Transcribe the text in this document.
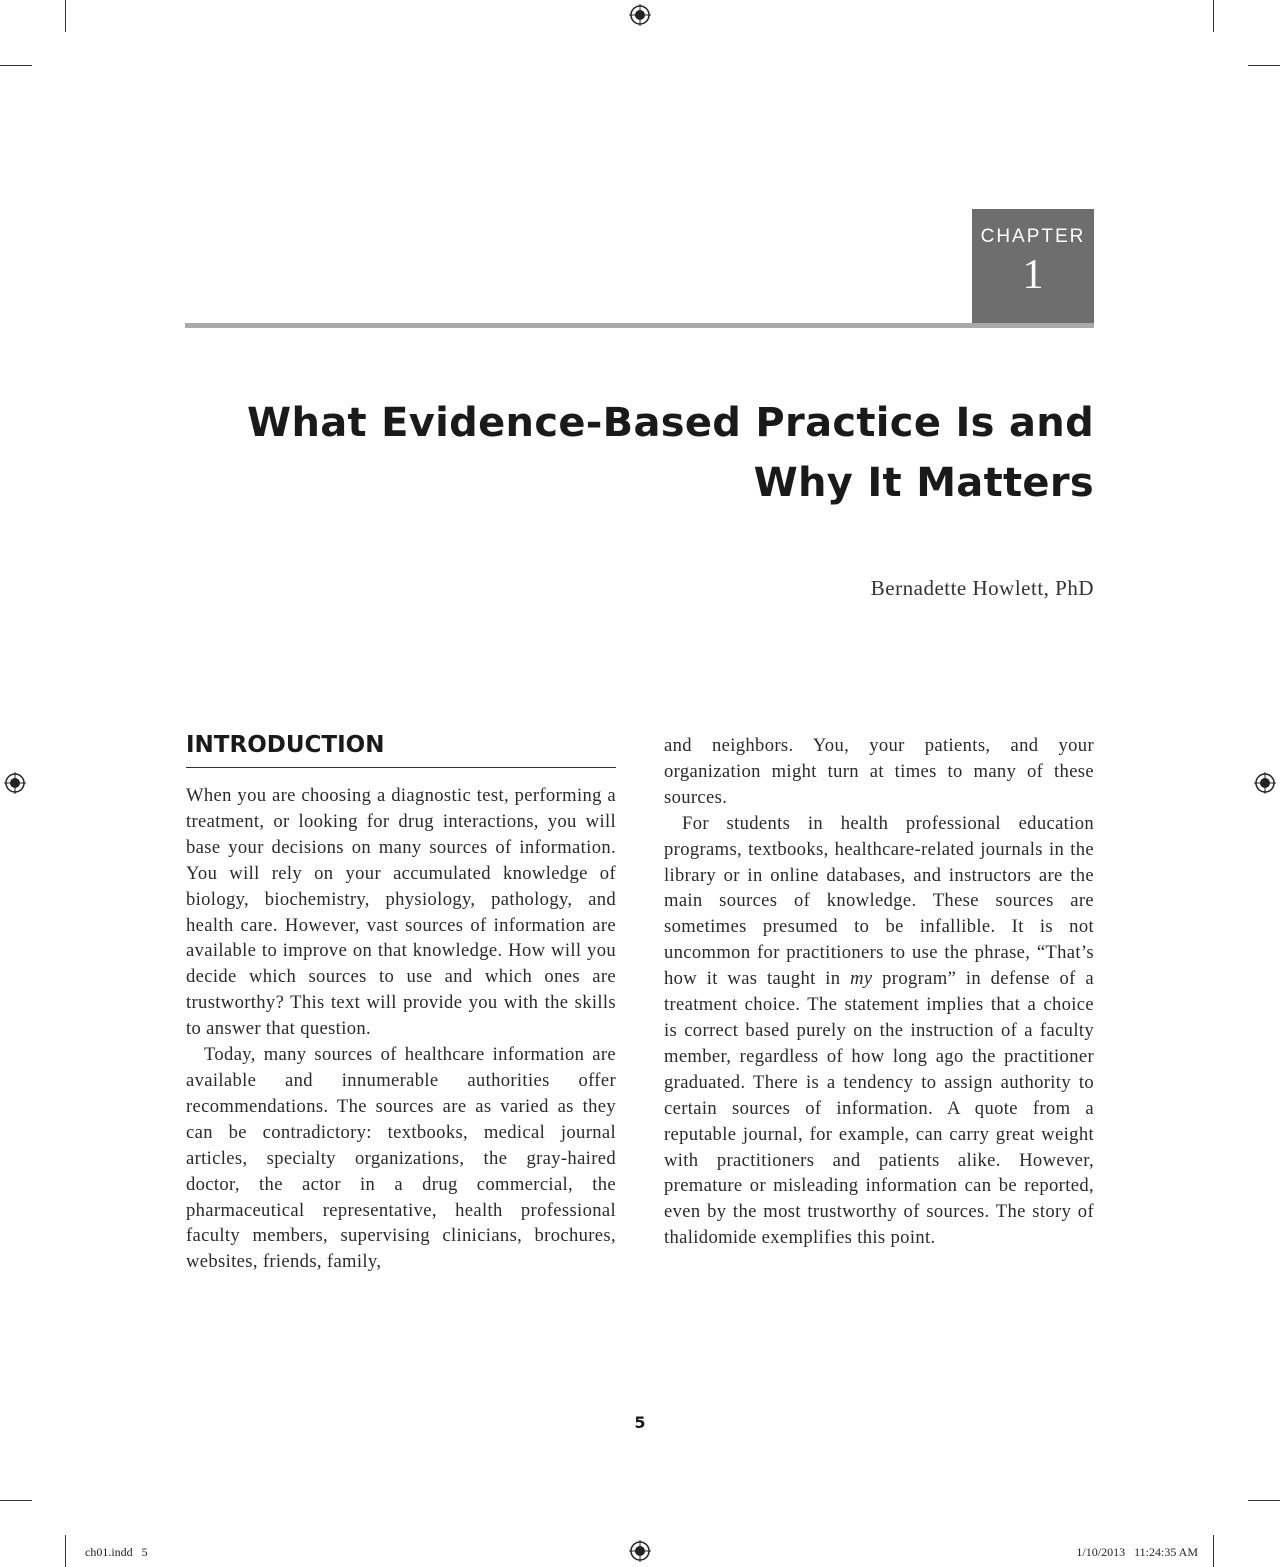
CHAPTER
1
What Evidence-Based Practice Is and
Why It Matters
Bernadette Howlett, PhD
INTRODUCTION

When you are choosing a diagnostic test, performing a treatment, or looking for drug interactions, you will base your decisions on many sources of information. You will rely on your accumulated knowledge of biology, biochemistry, physiology, pathology, and health care. However, vast sources of information are available to improve on that knowledge. How will you decide which sources to use and which ones are trustworthy? This text will provide you with the skills to answer that question.

Today, many sources of healthcare information are available and innumerable authorities offer recommendations. The sources are as varied as they can be contradictory: textbooks, medical journal articles, specialty organizations, the gray-haired doctor, the actor in a drug commercial, the pharmaceutical representative, health professional faculty members, supervising clinicians, brochures, websites, friends, family,

and neighbors. You, your patients, and your organization might turn at times to many of these sources.

For students in health professional education programs, textbooks, healthcare-related journals in the library or in online databases, and instructors are the main sources of knowledge. These sources are sometimes presumed to be infallible. It is not uncommon for practitioners to use the phrase, “That’s how it was taught in my program” in defense of a treatment choice. The statement implies that a choice is correct based purely on the instruction of a faculty member, regardless of how long ago the practitioner graduated. There is a tendency to assign authority to certain sources of information. A quote from a reputable journal, for example, can carry great weight with practitioners and patients alike. However, premature or misleading information can be reported, even by the most trustworthy of sources. The story of thalidomide exemplifies this point.

5
ch01.indd   5	1/10/2013   11:24:35 AM
